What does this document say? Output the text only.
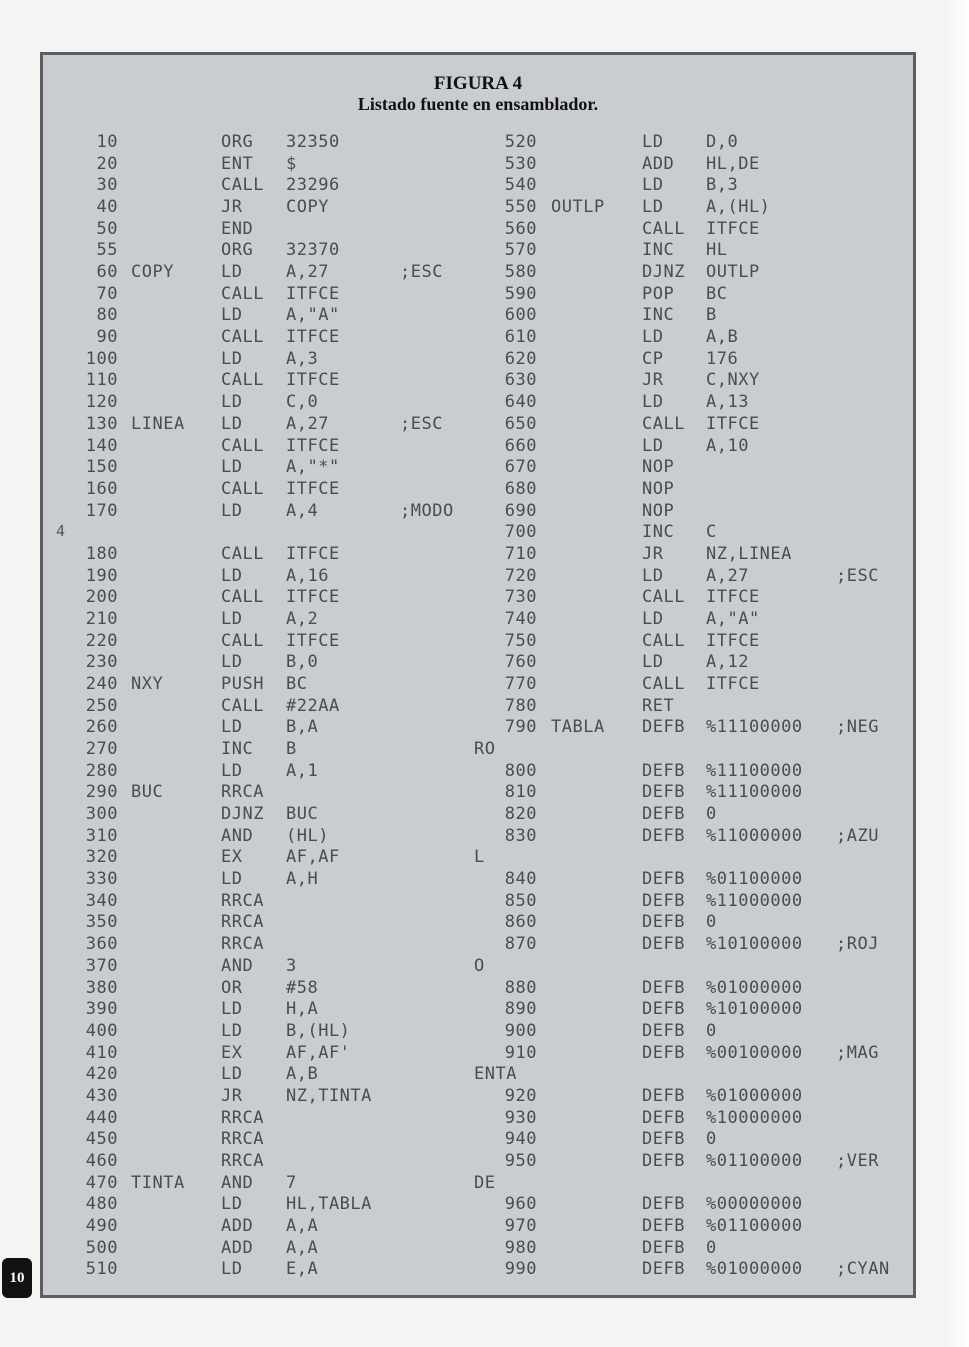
FIGURA 4
Listado fuente en ensamblador.
10	ORG 32350
20	ENT $
30	CALL 23296
40	JR	COPY
50	END
55	ORG 32370
60 COPY	LD	A,27	;ESC
70	CALL ITFCE
80	LD	A,"A"
90	CALL ITFCE
100	LD	A,3
110	CALL ITFCE
120	LD	C,0
130 LINEA LD	A,27	;ESC
140	CALL ITFCE
150	LD	A,"*"
160	CALL ITFCE
170	LD	A,4	;MODO
180	CALL ITFCE
190	LD	A,16
200	CALL ITFCE
210	LD	A,2
220	CALL ITFCE
230	LD	B,0
240 NXY	PUSH BC
250	CALL #22AA
260	LD	B,A
270	INC B
280	LD	A,1
290 BUC	RRCA
300	DJNZ BUC
310	AND (HL)
320	EX	AF,AF
330	LD	A,H
340	RRCA
350	RRCA
360	RRCA
370	AND 3
380	OR	#58
390	LD	H,A
400	LD	B,(HL)
410	EX	AF,AF'
420	LD	A,B
430	JR	NZ,TINTA
440	RRCA
450	RRCA
460	RRCA
470 TINTA AND 7
480	LD	HL,TABLA
490	ADD A,A
500	ADD A,A
510	LD	E,A
520	LD	D,0
530	ADD HL,DE
540	LD	B,3
550 OUTLP LD	A,(HL)
560	CALL ITFCE
570	INC HL
580	DJNZ OUTLP
590	POP BC
600	INC B
610	LD	A,B
620	CP	176
630	JR	C,NXY
640	LD	A,13
650	CALL ITFCE
660	LD	A,10
670	NOP
680	NOP
690	NOP
700	INC C
710	JR	NZ,LINEA
720	LD	A,27	;ESC
730	CALL ITFCE
740	LD	A,"A"
750	CALL ITFCE
760	LD	A,12
770	CALL ITFCE
780	RET
790 TABLA DEFB %11100000 ;NEG
RO
800	DEFB %11100000
810	DEFB %11100000
820	DEFB 0
830	DEFB %11000000 ;AZU
L
840	DEFB %01100000
850	DEFB %11000000
860	DEFB 0
870	DEFB %10100000 ;ROJ
O
880	DEFB %01000000
890	DEFB %10100000
900	DEFB 0
910	DEFB %00100000 ;MAG
ENTA
920	DEFB %01000000
930	DEFB %10000000
940	DEFB 0
950	DEFB %01100000 ;VER
DE
960	DEFB %00000000
970	DEFB %01100000
980	DEFB 0
990	DEFB %01000000 ;CYAN
4
10
